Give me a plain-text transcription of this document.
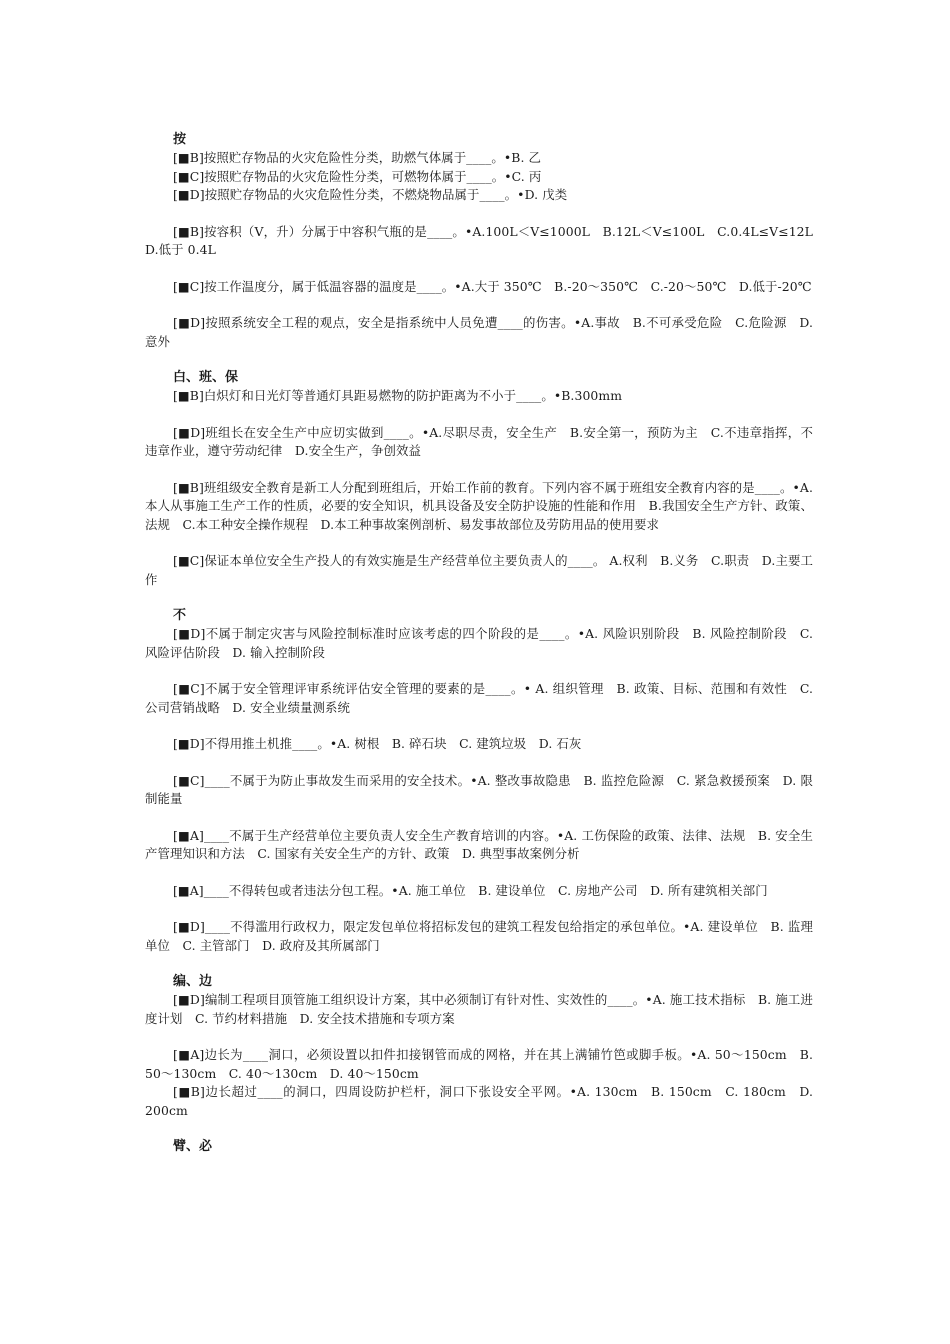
按

[■B]按照贮存物品的火灾危险性分类，助燃气体属于____。•B. 乙

[■C]按照贮存物品的火灾危险性分类，可燃物体属于____。•C. 丙

[■D]按照贮存物品的火灾危险性分类，不燃烧物品属于____。•D. 戊类

[■B]按容积（V，升）分属于中容积气瓶的是____。•A.100L＜V≤1000L　B.12L＜V≤100L　C.0.4L≤V≤12L　D.低于 0.4L

[■C]按工作温度分，属于低温容器的温度是____。•A.大于 350℃　B.-20～350℃　C.-20～50℃　D.低于-20℃

[■D]按照系统安全工程的观点，安全是指系统中人员免遭____的伤害。•A.事故　B.不可承受危险　C.危险源　D.意外

白、班、保

[■B]白炽灯和日光灯等普通灯具距易燃物的防护距离为不小于____。•B.300mm

[■D]班组长在安全生产中应切实做到____。•A.尽职尽责，安全生产　B.安全第一，预防为主　C.不违章指挥，不违章作业，遵守劳动纪律　D.安全生产，争创效益

[■B]班组级安全教育是新工人分配到班组后，开始工作前的教育。下列内容不属于班组安全教育内容的是____。•A.本人从事施工生产工作的性质，必要的安全知识，机具设备及安全防护设施的性能和作用　B.我国安全生产方针、政策、法规　C.本工种安全操作规程　D.本工种事故案例剖析、易发事故部位及劳防用品的使用要求

[■C]保证本单位安全生产投人的有效实施是生产经营单位主要负责人的____。 A.权利　B.义务　C.职责　D.主要工作

不

[■D]不属于制定灾害与风险控制标准时应该考虑的四个阶段的是____。•A. 风险识别阶段　B. 风险控制阶段　C. 风险评估阶段　D. 输入控制阶段

[■C]不属于安全管理评审系统评估安全管理的要素的是____。• A. 组织管理　B. 政策、目标、范围和有效性　C. 公司营销战略　D. 安全业绩量测系统

[■D]不得用推土机推____。•A. 树根　B. 碎石块　C. 建筑垃圾　D. 石灰

[■C]____不属于为防止事故发生而采用的安全技术。•A. 整改事故隐患　B. 监控危险源　C. 紧急救援预案　D. 限制能量

[■A]____不属于生产经营单位主要负责人安全生产教育培训的内容。•A. 工伤保险的政策、法律、法规　B. 安全生产管理知识和方法　C. 国家有关安全生产的方针、政策　D. 典型事故案例分析

[■A]____不得转包或者违法分包工程。•A. 施工单位　B. 建设单位　C. 房地产公司　D. 所有建筑相关部门

[■D]____不得滥用行政权力，限定发包单位将招标发包的建筑工程发包给指定的承包单位。•A. 建设单位　B. 监理单位　C. 主管部门　D. 政府及其所属部门

编、边

[■D]编制工程项目顶管施工组织设计方案，其中必须制订有针对性、实效性的____。•A. 施工技术指标　B. 施工进度计划　C. 节约材料措施　D. 安全技术措施和专项方案

[■A]边长为____洞口，必须设置以扣件扣接钢管而成的网格，并在其上满铺竹笆或脚手板。•A. 50～150cm　B. 50～130cm　C. 40～130cm　D. 40～150cm

[■B]边长超过____的洞口，四周设防护栏杆，洞口下张设安全平网。•A. 130cm　B. 150cm　C. 180cm　D. 200cm

臂、必
